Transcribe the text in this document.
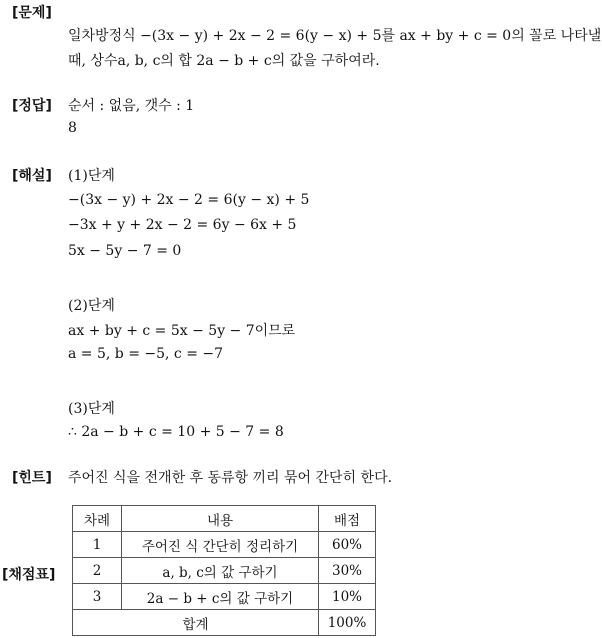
[문제]
일차방정식 −(3x − y) + 2x − 2 = 6(y − x) + 5를 ax + by + c = 0의 꼴로 나타낼
때, 상수a, b, c의 합 2a − b + c의 값을 구하여라.
[정답] 순서 : 없음, 갯수 : 1
8
[해설] (1)단계
−(3x − y) + 2x − 2 = 6(y − x) + 5
−3x + y + 2x − 2 = 6y − 6x + 5
5x − 5y − 7 = 0
(2)단계
ax + by + c = 5x − 5y − 7이므로
a = 5, b = −5, c = −7
(3)단계
∴ 2a − b + c = 10 + 5 − 7 = 8
[힌트] 주어진 식을 전개한 후 동류항 끼리 묶어 간단히 한다.
[채점표]
차례	내용	배점
1	주어진 식 간단히 정리하기	60%
2	a, b, c의 값 구하기	30%
3	2a − b + c의 값 구하기	10%
합계		100%
